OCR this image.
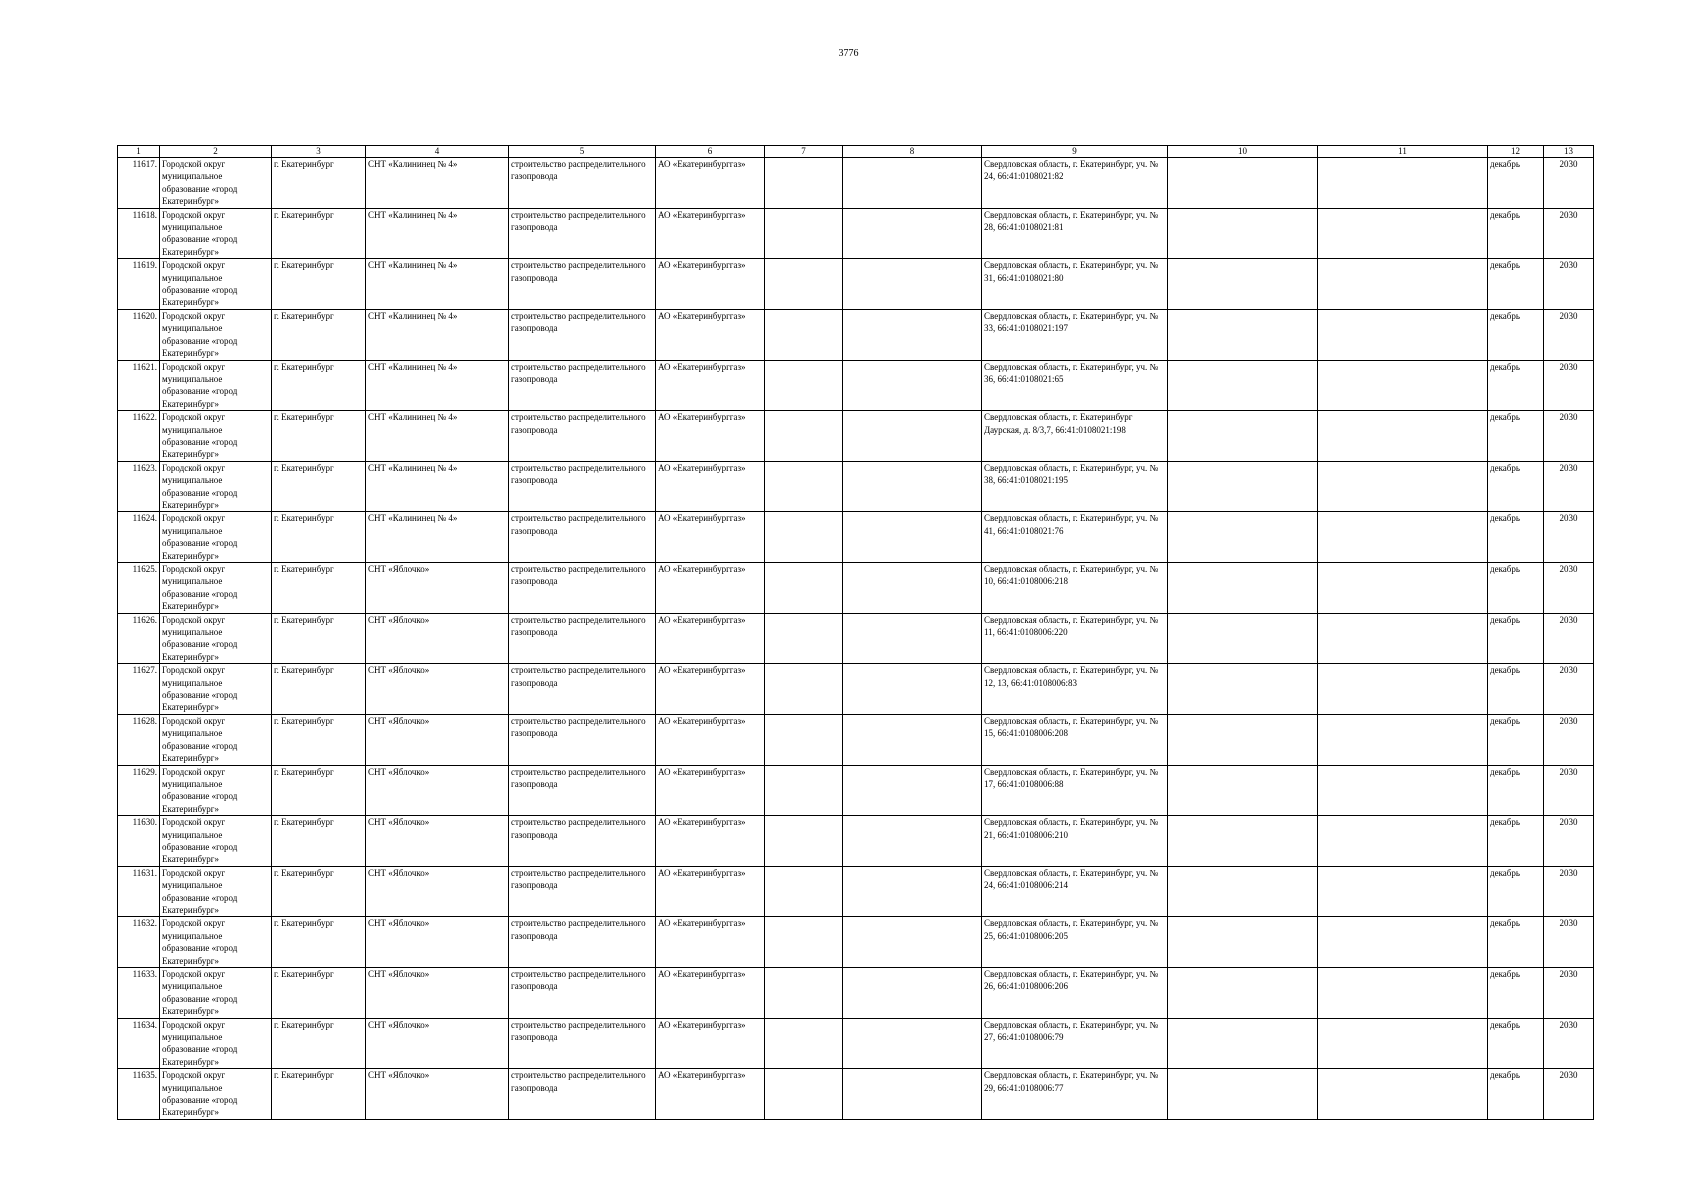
3776
1	2	3	4	5	6	7	8	9	10	11	12	13
11617.	Городской округ муниципальное образование «город Екатеринбург»	г. Екатеринбург	СНТ «Калининец № 4»	строительство распределительного газопровода	АО «Екатеринбурггаз»			Свердловская область, г. Екатеринбург, уч. № 24, 66:41:0108021:82			декабрь	2030
11618.	Городской округ муниципальное образование «город Екатеринбург»	г. Екатеринбург	СНТ «Калининец № 4»	строительство распределительного газопровода	АО «Екатеринбурггаз»			Свердловская область, г. Екатеринбург, уч. № 28, 66:41:0108021:81			декабрь	2030
11619.	Городской округ муниципальное образование «город Екатеринбург»	г. Екатеринбург	СНТ «Калининец № 4»	строительство распределительного газопровода	АО «Екатеринбурггаз»			Свердловская область, г. Екатеринбург, уч. № 31, 66:41:0108021:80			декабрь	2030
11620.	Городской округ муниципальное образование «город Екатеринбург»	г. Екатеринбург	СНТ «Калининец № 4»	строительство распределительного газопровода	АО «Екатеринбурггаз»			Свердловская область, г. Екатеринбург, уч. № 33, 66:41:0108021:197			декабрь	2030
11621.	Городской округ муниципальное образование «город Екатеринбург»	г. Екатеринбург	СНТ «Калининец № 4»	строительство распределительного газопровода	АО «Екатеринбурггаз»			Свердловская область, г. Екатеринбург, уч. № 36, 66:41:0108021:65			декабрь	2030
11622.	Городской округ муниципальное образование «город Екатеринбург»	г. Екатеринбург	СНТ «Калининец № 4»	строительство распределительного газопровода	АО «Екатеринбурггаз»			Свердловская область, г. Екатеринбург Даурская, д. 8/3,7, 66:41:0108021:198			декабрь	2030
11623.	Городской округ муниципальное образование «город Екатеринбург»	г. Екатеринбург	СНТ «Калининец № 4»	строительство распределительного газопровода	АО «Екатеринбурггаз»			Свердловская область, г. Екатеринбург, уч. № 38, 66:41:0108021:195			декабрь	2030
11624.	Городской округ муниципальное образование «город Екатеринбург»	г. Екатеринбург	СНТ «Калининец № 4»	строительство распределительного газопровода	АО «Екатеринбурггаз»			Свердловская область, г. Екатеринбург, уч. № 41, 66:41:0108021:76			декабрь	2030
11625.	Городской округ муниципальное образование «город Екатеринбург»	г. Екатеринбург	СНТ «Яблочко»	строительство распределительного газопровода	АО «Екатеринбурггаз»			Свердловская область, г. Екатеринбург, уч. № 10, 66:41:0108006:218			декабрь	2030
11626.	Городской округ муниципальное образование «город Екатеринбург»	г. Екатеринбург	СНТ «Яблочко»	строительство распределительного газопровода	АО «Екатеринбурггаз»			Свердловская область, г. Екатеринбург, уч. № 11, 66:41:0108006:220			декабрь	2030
11627.	Городской округ муниципальное образование «город Екатеринбург»	г. Екатеринбург	СНТ «Яблочко»	строительство распределительного газопровода	АО «Екатеринбурггаз»			Свердловская область, г. Екатеринбург, уч. № 12, 13, 66:41:0108006:83			декабрь	2030
11628.	Городской округ муниципальное образование «город Екатеринбург»	г. Екатеринбург	СНТ «Яблочко»	строительство распределительного газопровода	АО «Екатеринбурггаз»			Свердловская область, г. Екатеринбург, уч. № 15, 66:41:0108006:208			декабрь	2030
11629.	Городской округ муниципальное образование «город Екатеринбург»	г. Екатеринбург	СНТ «Яблочко»	строительство распределительного газопровода	АО «Екатеринбурггаз»			Свердловская область, г. Екатеринбург, уч. № 17, 66:41:0108006:88			декабрь	2030
11630.	Городской округ муниципальное образование «город Екатеринбург»	г. Екатеринбург	СНТ «Яблочко»	строительство распределительного газопровода	АО «Екатеринбурггаз»			Свердловская область, г. Екатеринбург, уч. № 21, 66:41:0108006:210			декабрь	2030
11631.	Городской округ муниципальное образование «город Екатеринбург»	г. Екатеринбург	СНТ «Яблочко»	строительство распределительного газопровода	АО «Екатеринбурггаз»			Свердловская область, г. Екатеринбург, уч. № 24, 66:41:0108006:214			декабрь	2030
11632.	Городской округ муниципальное образование «город Екатеринбург»	г. Екатеринбург	СНТ «Яблочко»	строительство распределительного газопровода	АО «Екатеринбурггаз»			Свердловская область, г. Екатеринбург, уч. № 25, 66:41:0108006:205			декабрь	2030
11633.	Городской округ муниципальное образование «город Екатеринбург»	г. Екатеринбург	СНТ «Яблочко»	строительство распределительного газопровода	АО «Екатеринбурггаз»			Свердловская область, г. Екатеринбург, уч. № 26, 66:41:0108006:206			декабрь	2030
11634.	Городской округ муниципальное образование «город Екатеринбург»	г. Екатеринбург	СНТ «Яблочко»	строительство распределительного газопровода	АО «Екатеринбурггаз»			Свердловская область, г. Екатеринбург, уч. № 27, 66:41:0108006:79			декабрь	2030
11635.	Городской округ муниципальное образование «город Екатеринбург»	г. Екатеринбург	СНТ «Яблочко»	строительство распределительного газопровода	АО «Екатеринбурггаз»			Свердловская область, г. Екатеринбург, уч. № 29, 66:41:0108006:77			декабрь	2030
